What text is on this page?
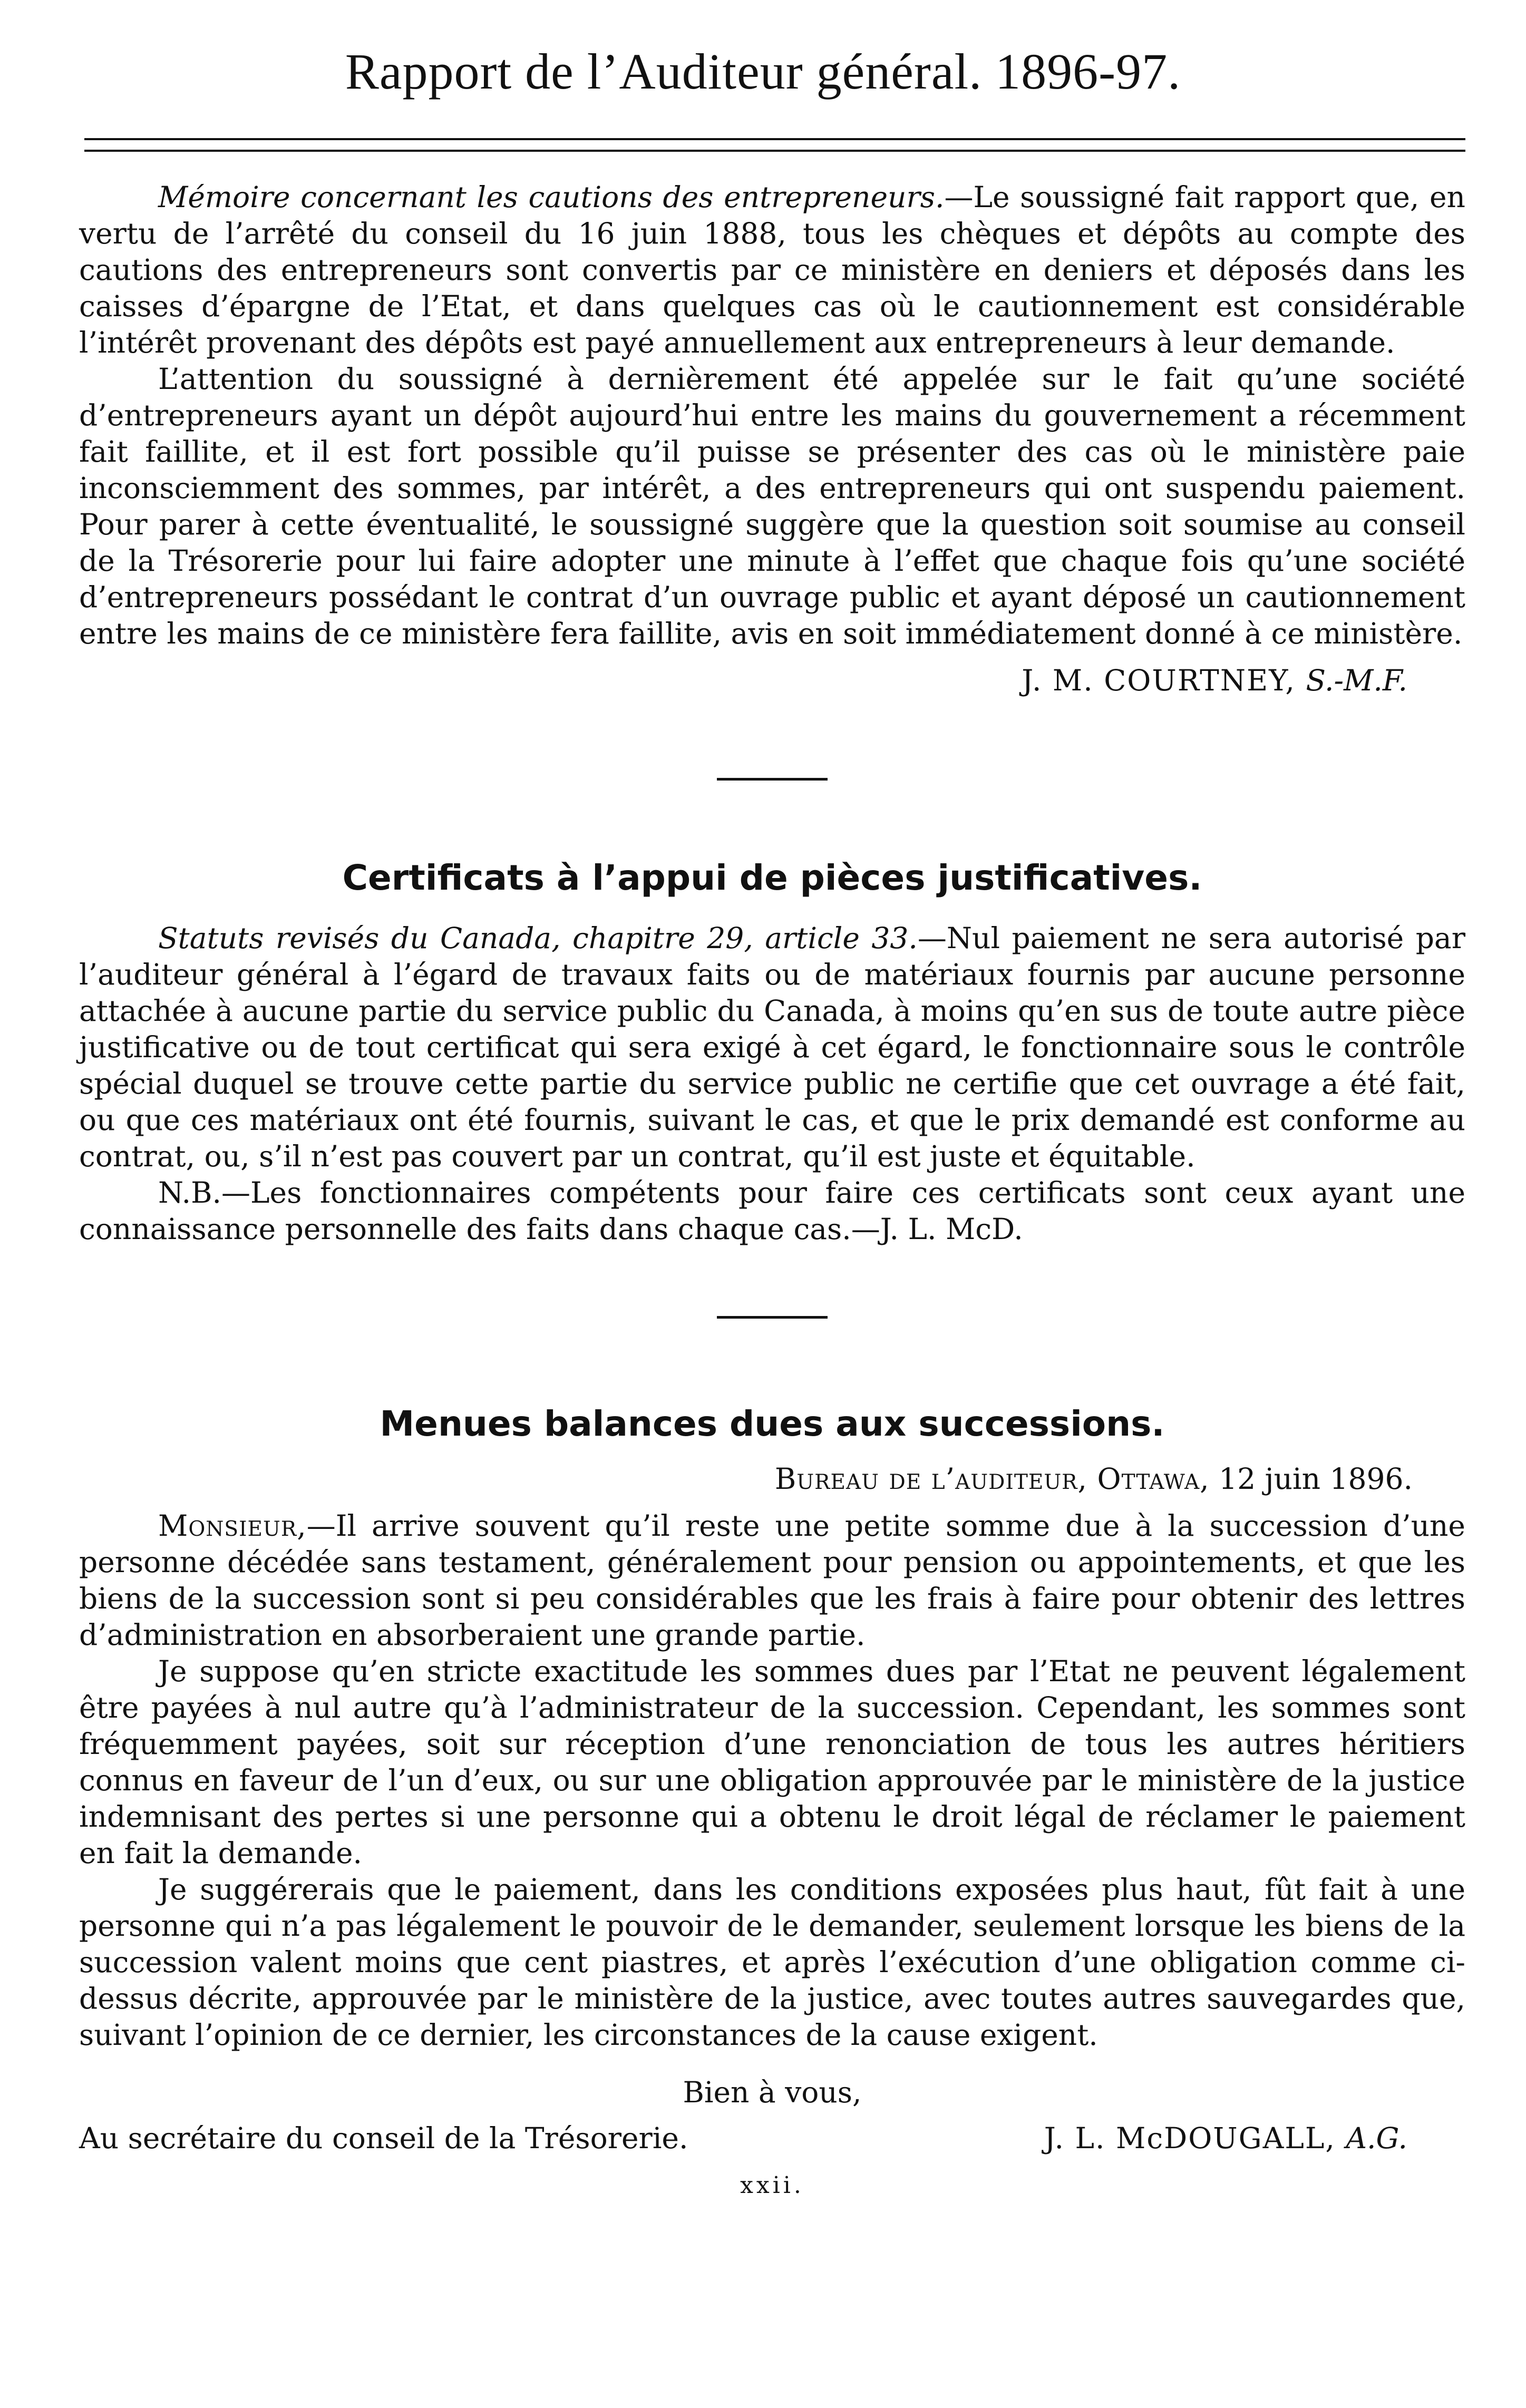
Rapport de l’Auditeur général. 1896-97.

Mémoire concernant les cautions des entrepreneurs.—Le soussigné fait rapport que, en vertu de l’arrêté du conseil du 16 juin 1888, tous les chèques et dépôts au compte des cautions des entrepreneurs sont convertis par ce ministère en deniers et déposés dans les caisses d’épargne de l’Etat, et dans quelques cas où le cautionnement est considérable l’intérêt provenant des dépôts est payé annuellement aux entrepreneurs à leur demande.

L’attention du soussigné à dernièrement été appelée sur le fait qu’une société d’entrepreneurs ayant un dépôt aujourd’hui entre les mains du gouvernement a récemment fait faillite, et il est fort possible qu’il puisse se présenter des cas où le ministère paie inconsciemment des sommes, par intérêt, a des entrepreneurs qui ont suspendu paiement. Pour parer à cette éventualité, le soussigné suggère que la question soit soumise au conseil de la Trésorerie pour lui faire adopter une minute à l’effet que chaque fois qu’une société d’entrepreneurs possédant le contrat d’un ouvrage public et ayant déposé un cautionnement entre les mains de ce ministère fera faillite, avis en soit immédiatement donné à ce ministère.

J. M. COURTNEY, S.-M.F.

Certificats à l’appui de pièces justificatives.

Statuts revisés du Canada, chapitre 29, article 33.—Nul paiement ne sera autorisé par l’auditeur général à l’égard de travaux faits ou de matériaux fournis par aucune personne attachée à aucune partie du service public du Canada, à moins qu’en sus de toute autre pièce justificative ou de tout certificat qui sera exigé à cet égard, le fonctionnaire sous le contrôle spécial duquel se trouve cette partie du service public ne certifie que cet ouvrage a été fait, ou que ces matériaux ont été fournis, suivant le cas, et que le prix demandé est conforme au contrat, ou, s’il n’est pas couvert par un contrat, qu’il est juste et équitable.

N.B.—Les fonctionnaires compétents pour faire ces certificats sont ceux ayant une connaissance personnelle des faits dans chaque cas.—J. L. McD.

Menues balances dues aux successions.

Bureau de l’auditeur, Ottawa, 12 juin 1896.

Monsieur,—Il arrive souvent qu’il reste une petite somme due à la succession d’une personne décédée sans testament, généralement pour pension ou appointements, et que les biens de la succession sont si peu considérables que les frais à faire pour obtenir des lettres d’administration en absorberaient une grande partie.

Je suppose qu’en stricte exactitude les sommes dues par l’Etat ne peuvent légalement être payées à nul autre qu’à l’administrateur de la succession. Cependant, les sommes sont fréquemment payées, soit sur réception d’une renonciation de tous les autres héritiers connus en faveur de l’un d’eux, ou sur une obligation approuvée par le ministère de la justice indemnisant des pertes si une personne qui a obtenu le droit légal de réclamer le paiement en fait la demande.

Je suggérerais que le paiement, dans les conditions exposées plus haut, fût fait à une personne qui n’a pas légalement le pouvoir de le demander, seulement lorsque les biens de la succession valent moins que cent piastres, et après l’exécution d’une obligation comme ci-dessus décrite, approuvée par le ministère de la justice, avec toutes autres sauvegardes que, suivant l’opinion de ce dernier, les circonstances de la cause exigent.

Bien à vous,

Au secrétaire du conseil de la Trésorerie.	J. L. McDOUGALL, A.G.
xxii.
